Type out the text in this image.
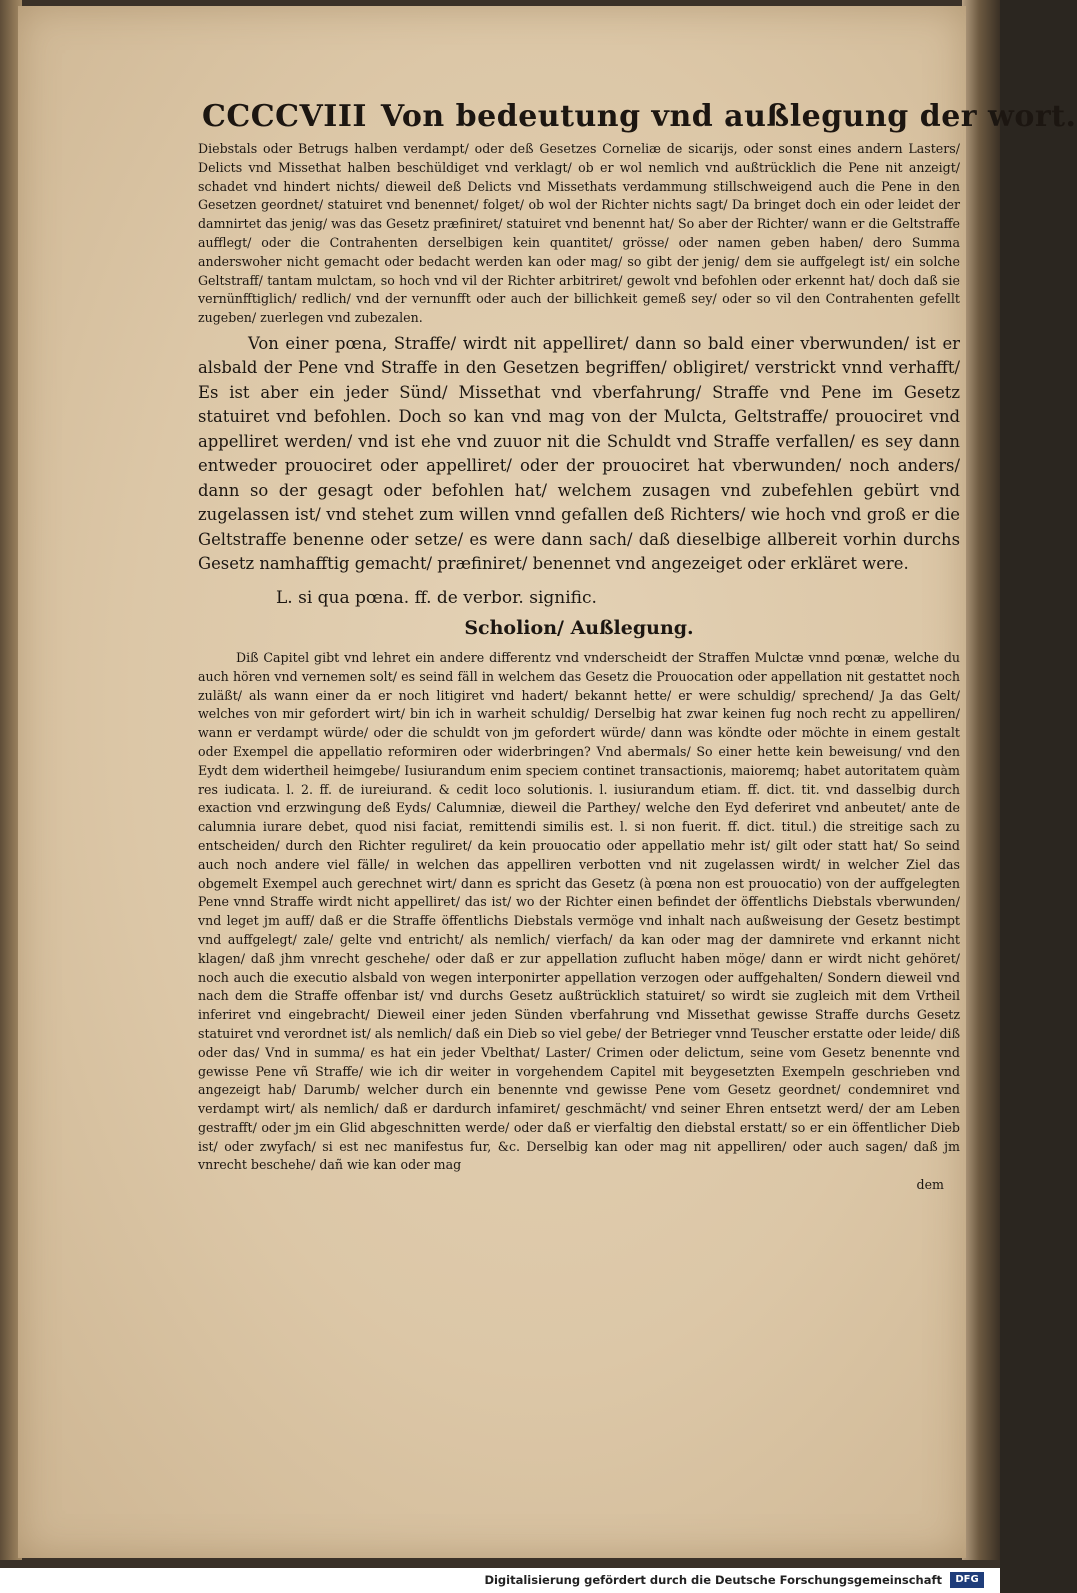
CCCCVIII Von bedeutung vnd außlegung der wort.

Diebstals oder Betrugs halben verdampt/ oder deß Gesetzes Corneliæ de sicarijs, oder sonst eines andern Lasters/ Delicts vnd Missethat halben beschüldiget vnd verklagt/ ob er wol nemlich vnd außtrücklich die Pene nit anzeigt/ schadet vnd hindert nichts/ dieweil deß Delicts vnd Missethats verdammung stillschweigend auch die Pene in den Gesetzen geordnet/ statuiret vnd benennet/ folget/ ob wol der Richter nichts sagt/ Da bringet doch ein oder leidet der damnirtet das jenig/ was das Gesetz præfiniret/ statuiret vnd benennt hat/ So aber der Richter/ wann er die Geltstraffe aufflegt/ oder die Contrahenten derselbigen kein quantitet/ grösse/ oder namen geben haben/ dero Summa anderswoher nicht gemacht oder bedacht werden kan oder mag/ so gibt der jenig/ dem sie auffgelegt ist/ ein solche Geltstraff/ tantam mulctam, so hoch vnd vil der Richter arbitriret/ gewolt vnd befohlen oder erkennt hat/ doch daß sie vernünfftiglich/ redlich/ vnd der vernunfft oder auch der billichkeit gemeß sey/ oder so vil den Contrahenten gefellt zugeben/ zuerlegen vnd zubezalen.

Von einer pœna, Straffe/ wirdt nit appelliret/ dann so bald einer vberwunden/ ist er alsbald der Pene vnd Straffe in den Gesetzen begriffen/ obligiret/ verstrickt vnnd verhafft/ Es ist aber ein jeder Sünd/ Missethat vnd vberfahrung/ Straffe vnd Pene im Gesetz statuiret vnd befohlen. Doch so kan vnd mag von der Mulcta, Geltstraffe/ prouociret vnd appelliret werden/ vnd ist ehe vnd zuuor nit die Schuldt vnd Straffe verfallen/ es sey dann entweder prouociret oder appelliret/ oder der prouociret hat vberwunden/ noch anders/ dann so der gesagt oder befohlen hat/ welchem zusagen vnd zubefehlen gebürt vnd zugelassen ist/ vnd stehet zum willen vnnd gefallen deß Richters/ wie hoch vnd groß er die Geltstraffe benenne oder setze/ es were dann sach/ daß dieselbige allbereit vorhin durchs Gesetz namhafftig gemacht/ præfiniret/ benennet vnd angezeiget oder erkläret were.

L. si qua pœna. ff. de verbor. signific.
Scholion/ Außlegung.

Diß Capitel gibt vnd lehret ein andere differentz vnd vnderscheidt der Straffen Mulctæ vnnd pœnæ, welche du auch hören vnd vernemen solt/ es seind fäll in welchem das Gesetz die Prouocation oder appellation nit gestattet noch zuläßt/ als wann einer da er noch litigiret vnd hadert/ bekannt hette/ er were schuldig/ sprechend/ Ja das Gelt/ welches von mir gefordert wirt/ bin ich in warheit schuldig/ Derselbig hat zwar keinen fug noch recht zu appelliren/ wann er verdampt würde/ oder die schuldt von jm gefordert würde/ dann was köndte oder möchte in einem gestalt oder Exempel die appellatio reformiren oder widerbringen? Vnd abermals/ So einer hette kein beweisung/ vnd den Eydt dem widertheil heimgebe/ Iusiurandum enim speciem continet transactionis, maioremq; habet autoritatem quàm res iudicata. l. 2. ff. de iureiurand. & cedit loco solutionis. l. iusiurandum etiam. ff. dict. tit. vnd dasselbig durch exaction vnd erzwingung deß Eyds/ Calumniæ, dieweil die Parthey/ welche den Eyd deferiret vnd anbeutet/ ante de calumnia iurare debet, quod nisi faciat, remittendi similis est. l. si non fuerit. ff. dict. titul.) die streitige sach zu entscheiden/ durch den Richter reguliret/ da kein prouocatio oder appellatio mehr ist/ gilt oder statt hat/ So seind auch noch andere viel fälle/ in welchen das appelliren verbotten vnd nit zugelassen wirdt/ in welcher Ziel das obgemelt Exempel auch gerechnet wirt/ dann es spricht das Gesetz (à pœna non est prouocatio) von der auffgelegten Pene vnnd Straffe wirdt nicht appelliret/ das ist/ wo der Richter einen befindet der öffentlichs Diebstals vberwunden/ vnd leget jm auff/ daß er die Straffe öffentlichs Diebstals vermöge vnd inhalt nach außweisung der Gesetz bestimpt vnd auffgelegt/ zale/ gelte vnd entricht/ als nemlich/ vierfach/ da kan oder mag der damnirete vnd erkannt nicht klagen/ daß jhm vnrecht geschehe/ oder daß er zur appellation zuflucht haben möge/ dann er wirdt nicht gehöret/ noch auch die executio alsbald von wegen interponirter appellation verzogen oder auffgehalten/ Sondern dieweil vnd nach dem die Straffe offenbar ist/ vnd durchs Gesetz außtrücklich statuiret/ so wirdt sie zugleich mit dem Vrtheil inferiret vnd eingebracht/ Dieweil einer jeden Sünden vberfahrung vnd Missethat gewisse Straffe durchs Gesetz statuiret vnd verordnet ist/ als nemlich/ daß ein Dieb so viel gebe/ der Betrieger vnnd Teuscher erstatte oder leide/ diß oder das/ Vnd in summa/ es hat ein jeder Vbelthat/ Laster/ Crimen oder delictum, seine vom Gesetz benennte vnd gewisse Pene vñ Straffe/ wie ich dir weiter in vorgehendem Capitel mit beygesetzten Exempeln geschrieben vnd angezeigt hab/ Darumb/ welcher durch ein benennte vnd gewisse Pene vom Gesetz geordnet/ condemniret vnd verdampt wirt/ als nemlich/ daß er dardurch infamiret/ geschmächt/ vnd seiner Ehren entsetzt werd/ der am Leben gestrafft/ oder jm ein Glid abgeschnitten werde/ oder daß er vierfaltig den diebstal erstatt/ so er ein öffentlicher Dieb ist/ oder zwyfach/ si est nec manifestus fur, &c. Derselbig kan oder mag nit appelliren/ oder auch sagen/ daß jm vnrecht beschehe/ dañ wie kan oder mag

dem
Digitalisierung gefördert durch die Deutsche Forschungsgemeinschaft	DFG
